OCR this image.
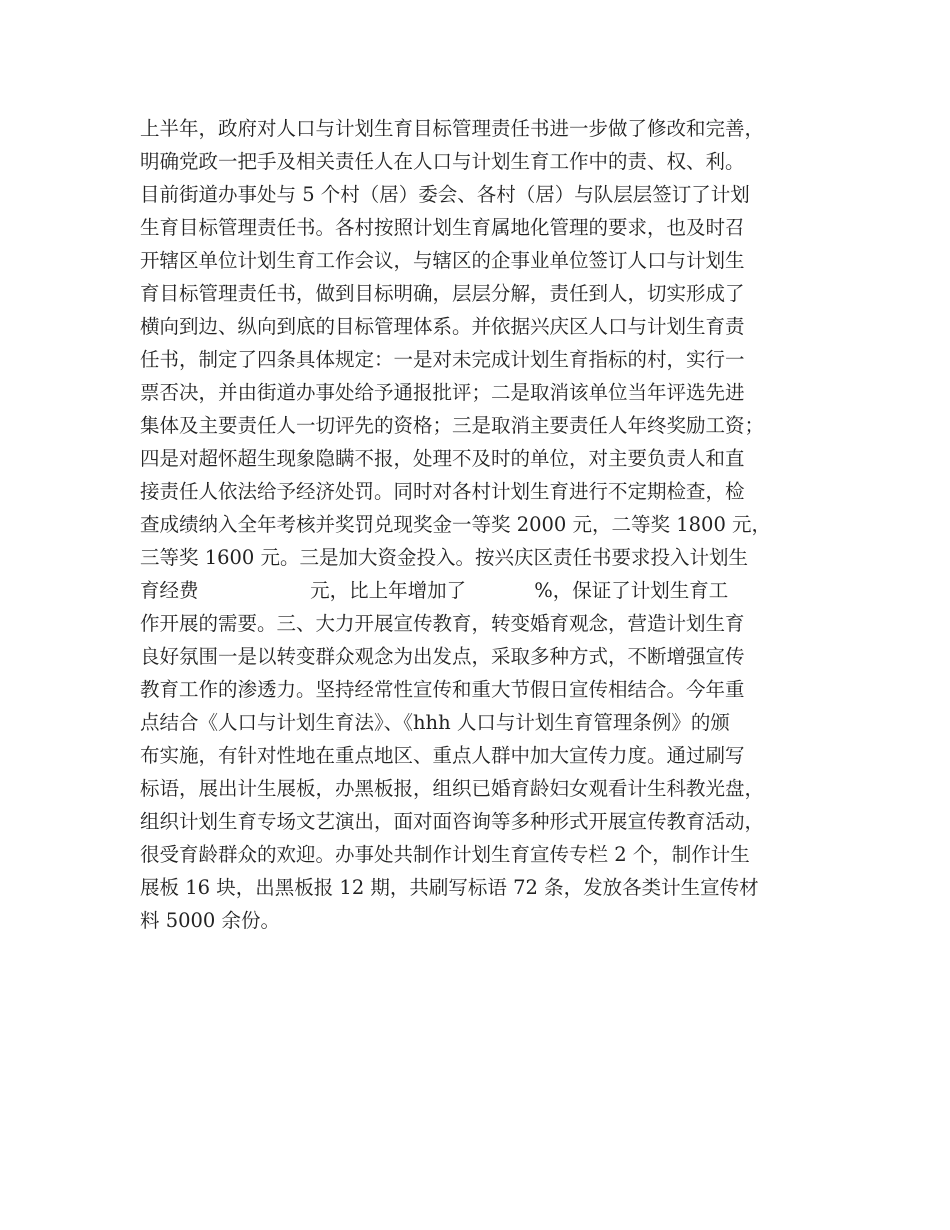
上半年，政府对人口与计划生育目标管理责任书进一步做了修改和完善，
明确党政一把手及相关责任人在人口与计划生育工作中的责、权、利。
目前街道办事处与 5 个村（居）委会、各村（居）与队层层签订了计划
生育目标管理责任书。各村按照计划生育属地化管理的要求，也及时召
开辖区单位计划生育工作会议，与辖区的企事业单位签订人口与计划生
育目标管理责任书，做到目标明确，层层分解，责任到人，切实形成了
横向到边、纵向到底的目标管理体系。并依据兴庆区人口与计划生育责
任书，制定了四条具体规定：一是对未完成计划生育指标的村，实行一
票否决，并由街道办事处给予通报批评；二是取消该单位当年评选先进
集体及主要责任人一切评先的资格；三是取消主要责任人年终奖励工资；
四是对超怀超生现象隐瞒不报，处理不及时的单位，对主要负责人和直
接责任人依法给予经济处罚。同时对各村计划生育进行不定期检查，检
查成绩纳入全年考核并奖罚兑现奖金一等奖 2000 元，二等奖 1800 元，
三等奖 1600 元。三是加大资金投入。按兴庆区责任书要求投入计划生
育经费                  元，比上年增加了           %，保证了计划生育工
作开展的需要。三、大力开展宣传教育，转变婚育观念，营造计划生育
良好氛围一是以转变群众观念为出发点，采取多种方式，不断增强宣传
教育工作的渗透力。坚持经常性宣传和重大节假日宣传相结合。今年重
点结合《人口与计划生育法》、《hhh 人口与计划生育管理条例》的颁
布实施，有针对性地在重点地区、重点人群中加大宣传力度。通过刷写
标语，展出计生展板，办黑板报，组织已婚育龄妇女观看计生科教光盘，
组织计划生育专场文艺演出，面对面咨询等多种形式开展宣传教育活动，
很受育龄群众的欢迎。办事处共制作计划生育宣传专栏 2 个，制作计生
展板 16 块，出黑板报 12 期，共刷写标语 72 条，发放各类计生宣传材
料 5000 余份。
